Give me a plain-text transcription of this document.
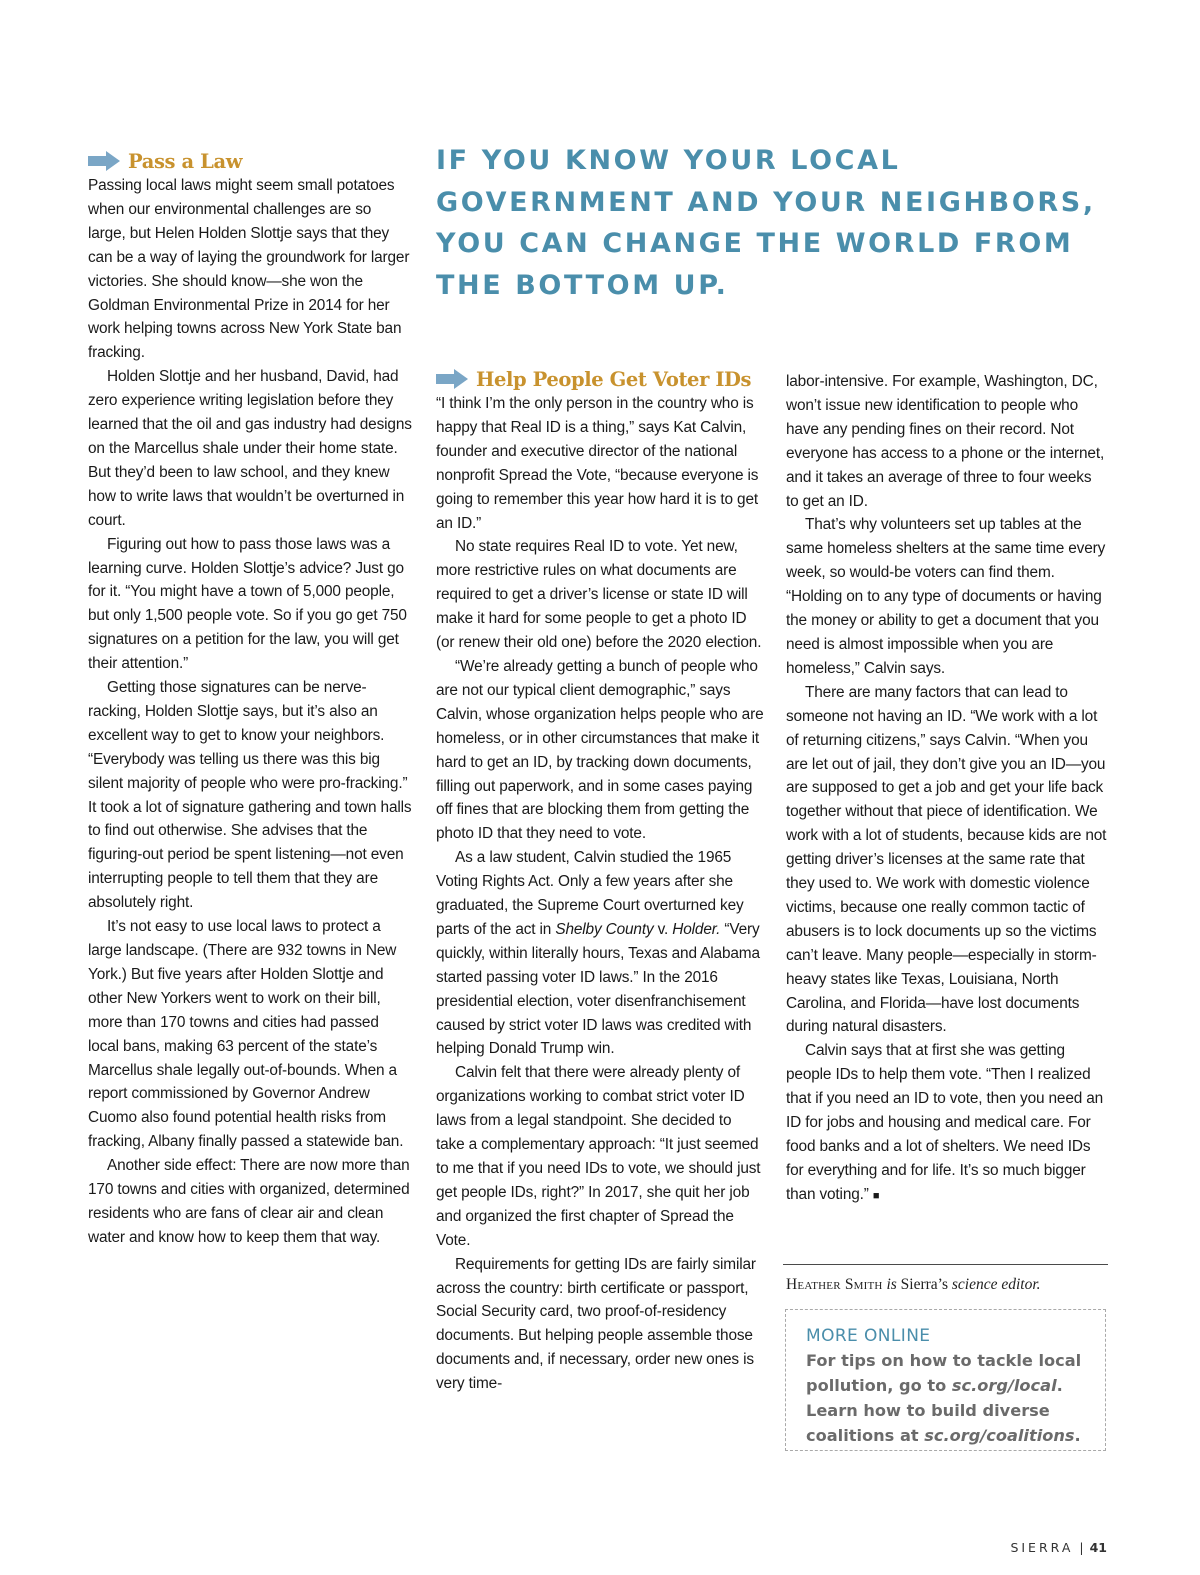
Pass a Law

Passing local laws might seem small potatoes when our environmental challenges are so large, but Helen Holden Slottje says that they can be a way of laying the groundwork for larger victories. She should know—she won the Goldman Environmental Prize in 2014 for her work helping towns across New York State ban fracking.

Holden Slottje and her husband, David, had zero experience writing legislation before they learned that the oil and gas industry had designs on the Marcellus shale under their home state. But they’d been to law school, and they knew how to write laws that wouldn’t be overturned in court.

Figuring out how to pass those laws was a learning curve. Holden Slottje’s advice? Just go for it. “You might have a town of 5,000 people, but only 1,500 people vote. So if you go get 750 signatures on a petition for the law, you will get their attention.”

Getting those signatures can be nerve-racking, Holden Slottje says, but it’s also an excellent way to get to know your neighbors. “Everybody was telling us there was this big silent majority of people who were pro-fracking.” It took a lot of signature gathering and town halls to find out otherwise. She advises that the figuring-out period be spent listening—not even interrupting people to tell them that they are absolutely right.

It’s not easy to use local laws to protect a large landscape. (There are 932 towns in New York.) But five years after Holden Slottje and other New Yorkers went to work on their bill, more than 170 towns and cities had passed local bans, making 63 percent of the state’s Marcellus shale legally out-of-bounds. When a report commissioned by Governor Andrew Cuomo also found potential health risks from fracking, Albany finally passed a statewide ban.

Another side effect: There are now more than 170 towns and cities with organized, determined residents who are fans of clear air and clean water and know how to keep them that way.

IF YOU KNOW YOUR LOCAL GOVERNMENT AND YOUR NEIGHBORS, YOU CAN CHANGE THE WORLD FROM THE BOTTOM UP.

Help People Get Voter IDs

“I think I’m the only person in the country who is happy that Real ID is a thing,” says Kat Calvin, founder and executive director of the national nonprofit Spread the Vote, “because everyone is going to remember this year how hard it is to get an ID.”

No state requires Real ID to vote. Yet new, more restrictive rules on what documents are required to get a driver’s license or state ID will make it hard for some people to get a photo ID (or renew their old one) before the 2020 election.

“We’re already getting a bunch of people who are not our typical client demographic,” says Calvin, whose organization helps people who are homeless, or in other circumstances that make it hard to get an ID, by tracking down documents, filling out paperwork, and in some cases paying off fines that are blocking them from getting the photo ID that they need to vote.

As a law student, Calvin studied the 1965 Voting Rights Act. Only a few years after she graduated, the Supreme Court overturned key parts of the act in Shelby County v. Holder. “Very quickly, within literally hours, Texas and Alabama started passing voter ID laws.” In the 2016 presidential election, voter disenfranchisement caused by strict voter ID laws was credited with helping Donald Trump win.

Calvin felt that there were already plenty of organizations working to combat strict voter ID laws from a legal standpoint. She decided to take a complementary approach: “It just seemed to me that if you need IDs to vote, we should just get people IDs, right?” In 2017, she quit her job and organized the first chapter of Spread the Vote.

Requirements for getting IDs are fairly similar across the country: birth certificate or passport, Social Security card, two proof-of-residency documents. But helping people assemble those documents and, if necessary, order new ones is very time-

labor-intensive. For example, Washington, DC, won’t issue new identification to people who have any pending fines on their record. Not everyone has access to a phone or the internet, and it takes an average of three to four weeks to get an ID.

That’s why volunteers set up tables at the same homeless shelters at the same time every week, so would-be voters can find them. “Holding on to any type of documents or having the money or ability to get a document that you need is almost impossible when you are homeless,” Calvin says.

There are many factors that can lead to someone not having an ID. “We work with a lot of returning citizens,” says Calvin. “When you are let out of jail, they don’t give you an ID—you are supposed to get a job and get your life back together without that piece of identification. We work with a lot of students, because kids are not getting driver’s licenses at the same rate that they used to. We work with domestic violence victims, because one really common tactic of abusers is to lock documents up so the victims can’t leave. Many people—especially in storm-heavy states like Texas, Louisiana, North Carolina, and Florida—have lost documents during natural disasters.

Calvin says that at first she was getting people IDs to help them vote. “Then I realized that if you need an ID to vote, then you need an ID for jobs and housing and medical care. For food banks and a lot of shelters. We need IDs for everything and for life. It’s so much bigger than voting.” ■

Heather Smith is Sierra’s science editor.

MORE ONLINE

For tips on how to tackle local pollution, go to sc.org/local. Learn how to build diverse coalitions at sc.org/coalitions.

SIERRA | 41
